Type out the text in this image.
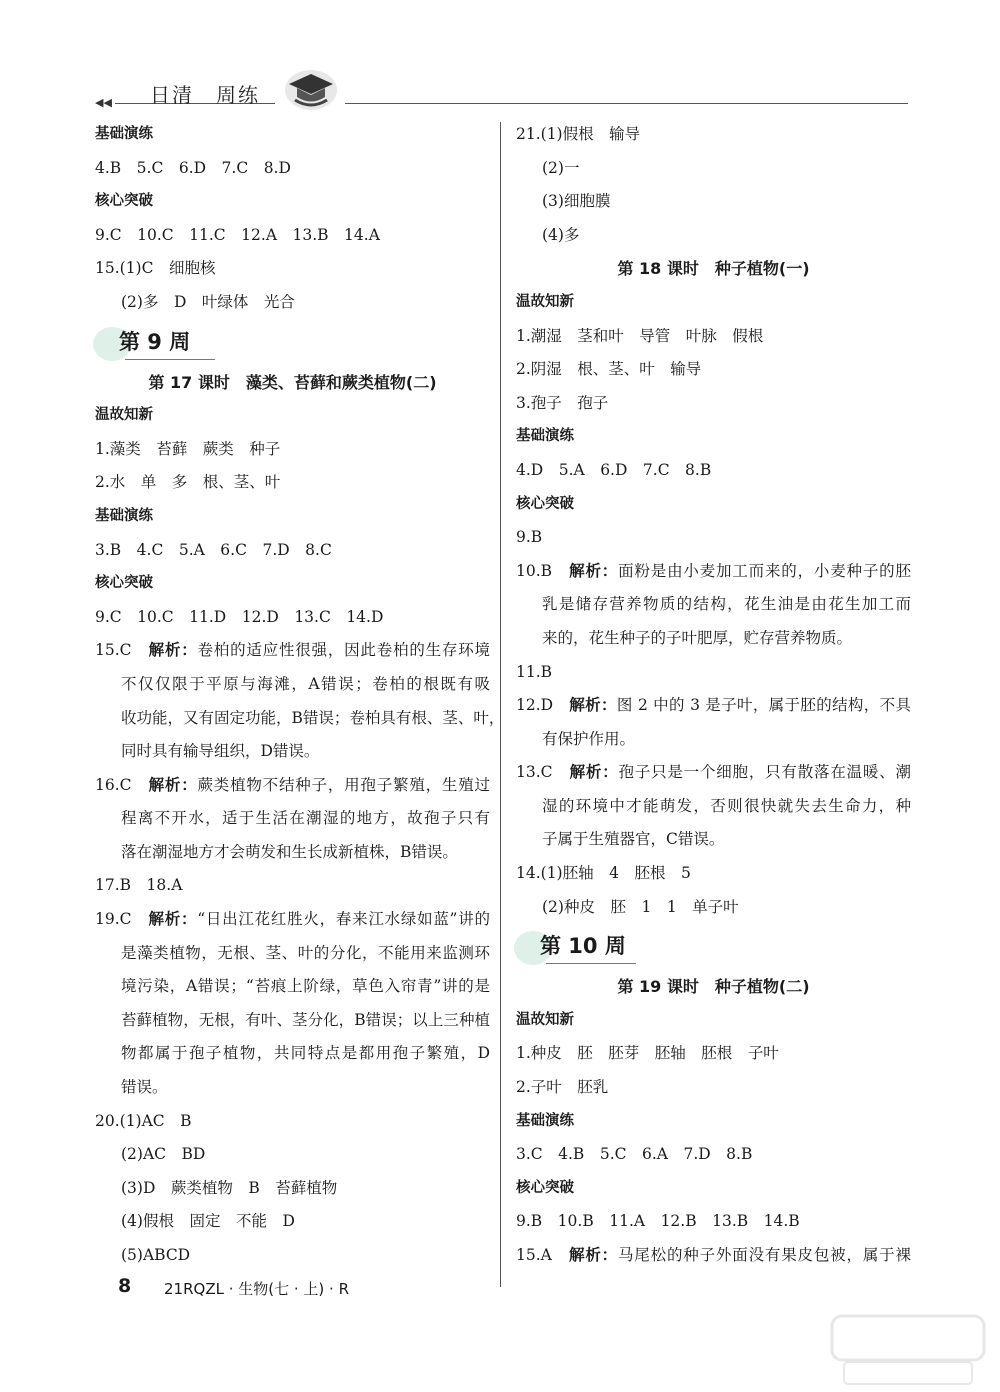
◀◀ 日清　周练
基础演练
4.B　5.C　6.D　7.C　8.D
核心突破
9.C　10.C　11.C　12.A　13.B　14.A
15.(1)C　细胞核
(2)多　D　叶绿体　光合
第 9 周
第 17 课时　藻类、苔藓和蕨类植物(二)
温故知新
1.藻类　苔藓　蕨类　种子
2.水　单　多　根、茎、叶
基础演练
3.B　4.C　5.A　6.C　7.D　8.C
核心突破
9.C　10.C　11.D　12.D　13.C　14.D
15.C　解析：卷柏的适应性很强，因此卷柏的生存环境
不仅仅限于平原与海滩，A错误；卷柏的根既有吸
收功能，又有固定功能，B错误；卷柏具有根、茎、叶，
同时具有输导组织，D错误。
16.C　解析：蕨类植物不结种子，用孢子繁殖，生殖过
程离不开水，适于生活在潮湿的地方，故孢子只有
落在潮湿地方才会萌发和生长成新植株，B错误。
17.B　18.A
19.C　解析：“日出江花红胜火，春来江水绿如蓝”讲的
是藻类植物，无根、茎、叶的分化，不能用来监测环
境污染，A错误；“苔痕上阶绿，草色入帘青”讲的是
苔藓植物，无根，有叶、茎分化，B错误；以上三种植
物都属于孢子植物，共同特点是都用孢子繁殖，D
错误。
20.(1)AC　B
(2)AC　BD
(3)D　蕨类植物　B　苔藓植物
(4)假根　固定　不能　D
(5)ABCD
21.(1)假根　输导
(2)一
(3)细胞膜
(4)多
第 18 课时　种子植物(一)
温故知新
1.潮湿　茎和叶　导管　叶脉　假根
2.阴湿　根、茎、叶　输导
3.孢子　孢子
基础演练
4.D　5.A　6.D　7.C　8.B
核心突破
9.B
10.B　解析：面粉是由小麦加工而来的，小麦种子的胚
乳是储存营养物质的结构，花生油是由花生加工而
来的，花生种子的子叶肥厚，贮存营养物质。
11.B
12.D　解析：图 2 中的 3 是子叶，属于胚的结构，不具
有保护作用。
13.C　解析：孢子只是一个细胞，只有散落在温暖、潮
湿的环境中才能萌发，否则很快就失去生命力，种
子属于生殖器官，C错误。
14.(1)胚轴　4　胚根　5
(2)种皮　胚　1　1　单子叶
第 10 周
第 19 课时　种子植物(二)
温故知新
1.种皮　胚　胚芽　胚轴　胚根　子叶
2.子叶　胚乳
基础演练
3.C　4.B　5.C　6.A　7.D　8.B
核心突破
9.B　10.B　11.A　12.B　13.B　14.B
15.A　解析：马尾松的种子外面没有果皮包被，属于裸
8 21RQZL · 生物(七 · 上) · R
